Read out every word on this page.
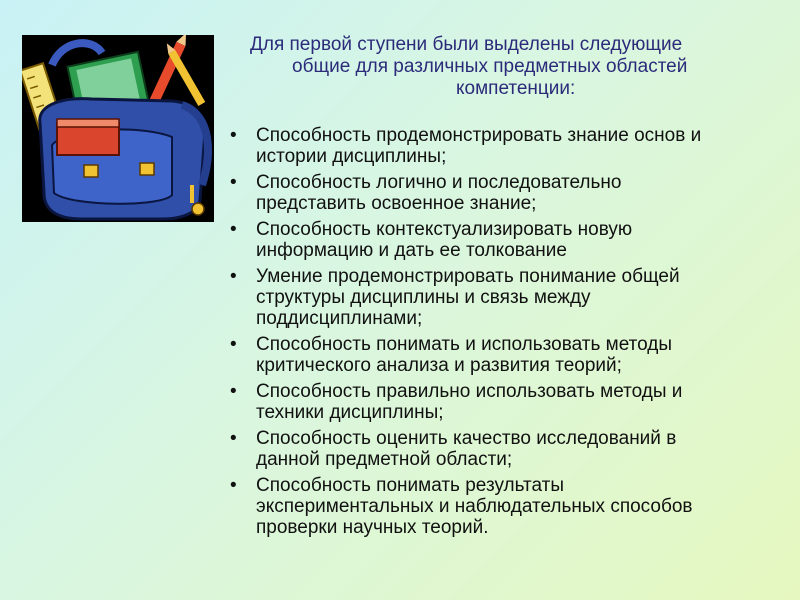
Для первой ступени были выделены следующие
общие для различных предметных областей
компетенции:
• Способность продемонстрировать знание основ и
истории дисциплины;
• Способность логично и последовательно
представить освоенное знание;
• Способность контекстуализировать новую
информацию и дать ее толкование
• Умение продемонстрировать понимание общей
структуры дисциплины и связь между
поддисциплинами;
• Способность понимать и использовать методы
критического анализа и развития теорий;
• Способность правильно использовать методы и
техники дисциплины;
• Способность оценить качество исследований в
данной предметной области;
• Способность понимать результаты
экспериментальных и наблюдательных способов
проверки научных теорий.
